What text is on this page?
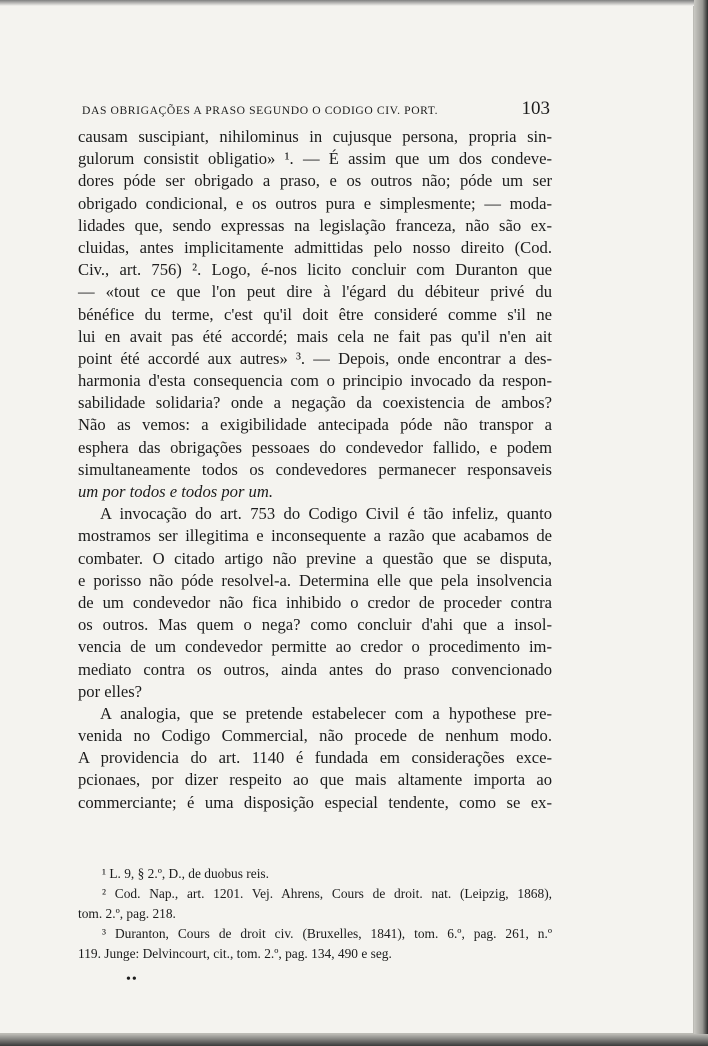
DAS OBRIGAÇÕES A PRASO SEGUNDO O CODIGO CIV. PORT.	103
causam suscipiant, nihilominus in cujusque persona, propria sin-
gulorum consistit obligatio» ¹. — É assim que um dos condeve-
dores póde ser obrigado a praso, e os outros não; póde um ser
obrigado condicional, e os outros pura e simplesmente; — moda-
lidades que, sendo expressas na legislação franceza, não são ex-
cluidas, antes implicitamente admittidas pelo nosso direito (Cod.
Civ., art. 756) ². Logo, é-nos licito concluir com Duranton que
— «tout ce que l'on peut dire à l'égard du débiteur privé du
bénéfice du terme, c'est qu'il doit être consideré comme s'il ne
lui en avait pas été accordé; mais cela ne fait pas qu'il n'en ait
point été accordé aux autres» ³. — Depois, onde encontrar a des-
harmonia d'esta consequencia com o principio invocado da respon-
sabilidade solidaria? onde a negação da coexistencia de ambos?
Não as vemos: a exigibilidade antecipada póde não transpor a
esphera das obrigações pessoaes do condevedor fallido, e podem
simultaneamente todos os condevedores permanecer responsaveis
um por todos e todos por um.
A invocação do art. 753 do Codigo Civil é tão infeliz, quanto
mostramos ser illegitima e inconsequente a razão que acabamos de
combater. O citado artigo não previne a questão que se disputa,
e porisso não póde resolvel-a. Determina elle que pela insolvencia
de um condevedor não fica inhibido o credor de proceder contra
os outros. Mas quem o nega? como concluir d'ahi que a insol-
vencia de um condevedor permitte ao credor o procedimento im-
mediato contra os outros, ainda antes do praso convencionado
por elles?
A analogia, que se pretende estabelecer com a hypothese pre-
venida no Codigo Commercial, não procede de nenhum modo.
A providencia do art. 1140 é fundada em considerações exce-
pcionaes, por dizer respeito ao que mais altamente importa ao
commerciante; é uma disposição especial tendente, como se ex-
¹ L. 9, § 2.º, D., de duobus reis.
² Cod. Nap., art. 1201. Vej. Ahrens, Cours de droit. nat. (Leipzig, 1868),
tom. 2.º, pag. 218.
³ Duranton, Cours de droit civ. (Bruxelles, 1841), tom. 6.º, pag. 261, n.º
119. Junge: Delvincourt, cit., tom. 2.º, pag. 134, 490 e seg.
••
